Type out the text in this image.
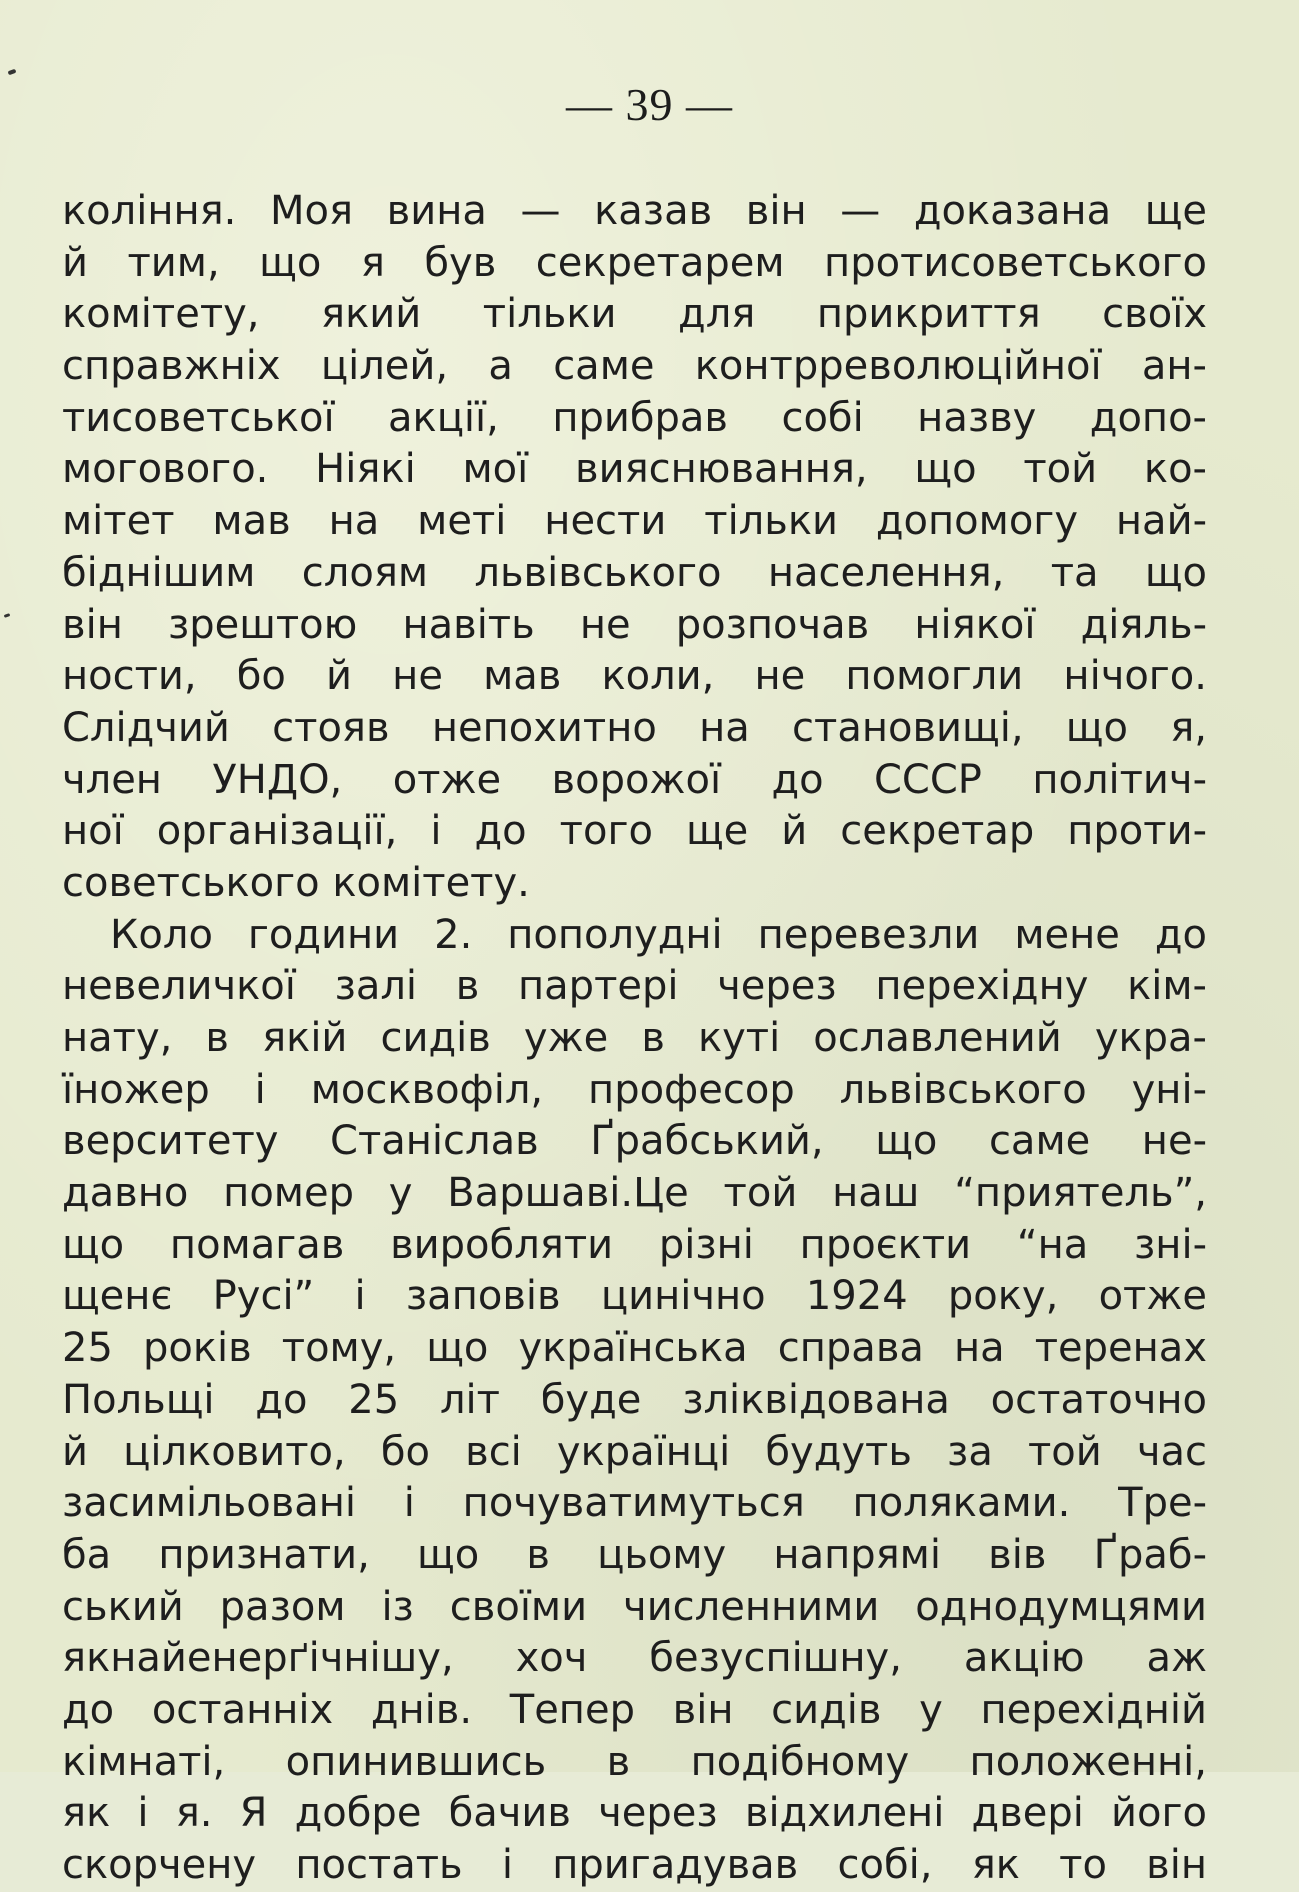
— 39 —
коління. Моя вина — казав він — доказана ще
й тим, що я був секретарем протисоветського
комітету, який тільки для прикриття своїх
справжніх цілей, а саме контрреволюційної ан-
тисоветської акції, прибрав собі назву допо-
могового. Ніякі мої вияснювання, що той ко-
мітет мав на меті нести тільки допомогу най-
біднішим слоям львівського населення, та що
він зрештою навіть не розпочав ніякої діяль-
ности, бо й не мав коли, не помогли нічого.
Слідчий стояв непохитно на становищі, що я,
член УНДО, отже ворожої до СССР політич-
ної організації, і до того ще й секретар проти-
советського комітету.
Коло години 2. пополудні перевезли мене до
невеличкої залі в партері через перехідну кім-
нату, в якій сидів уже в куті ославлений укра-
їножер і москвофіл, професор львівського уні-
верситету Станіслав Ґрабський, що саме не-
давно помер у Варшаві.Це той наш “приятель”,
що помагав виробляти різні проєкти “на зні-
щенє Русі” і заповів цинічно 1924 року, отже
25 років тому, що українська справа на теренах
Польщі до 25 літ буде зліквідована остаточно
й цілковито, бо всі українці будуть за той час
засимільовані і почуватимуться поляками. Тре-
ба признати, що в цьому напрямі вів Ґраб-
ський разом із своїми численними однодумцями
якнайенерґічнішу, хоч безуспішну, акцію аж
до останніх днів. Тепер він сидів у перехідній
кімнаті, опинившись в подібному положенні,
як і я. Я добре бачив через відхилені двері його
скорчену постать і пригадував собі, як то він
